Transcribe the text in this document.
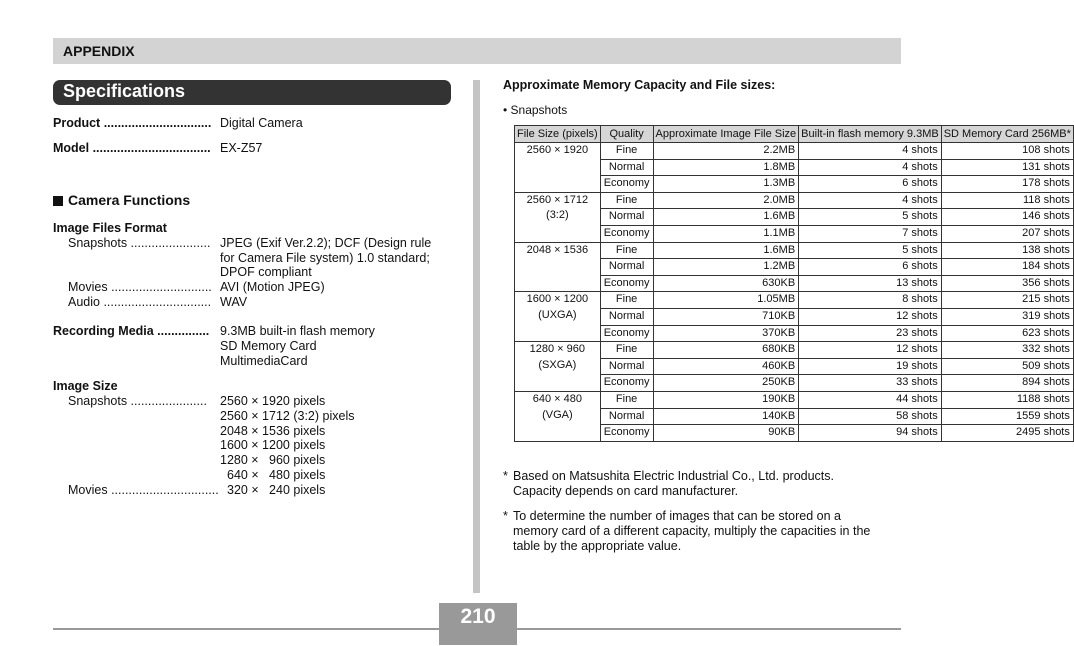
APPENDIX
Specifications
Product ............................... Digital Camera
Model .................................. EX-Z57
Camera Functions
Image Files Format
Snapshots ....................... JPEG (Exif Ver.2.2); DCF (Design rule
for Camera File system) 1.0 standard;
DPOF compliant
Movies ............................. AVI (Motion JPEG)
Audio ............................... WAV
Recording Media ............... 9.3MB built-in flash memory
SD Memory Card
MultimediaCard
Image Size
Snapshots ...................... 2560 × 1920 pixels
2560 × 1712 (3:2) pixels
2048 × 1536 pixels
1600 × 1200 pixels
1280 ×   960 pixels
640 ×   480 pixels
Movies ............................... 320 ×   240 pixels
Approximate Memory Capacity and File sizes:
• Snapshots
File Size (pixels)	Quality	Approximate Image File Size	Built-in flash memory 9.3MB	SD Memory Card 256MB*

2560 × 1920	Fine	2.2MB	4 shots	108 shots
	Normal	1.8MB	4 shots	131 shots
	Economy	1.3MB	6 shots	178 shots

2560 × 1712
(3:2)	Fine	2.0MB	4 shots	118 shots
	Normal	1.6MB	5 shots	146 shots
	Economy	1.1MB	7 shots	207 shots

2048 × 1536	Fine	1.6MB	5 shots	138 shots
	Normal	1.2MB	6 shots	184 shots
	Economy	630KB	13 shots	356 shots

1600 × 1200
(UXGA)	Fine	1.05MB	8 shots	215 shots
	Normal	710KB	12 shots	319 shots
	Economy	370KB	23 shots	623 shots

1280 × 960
(SXGA)	Fine	680KB	12 shots	332 shots
	Normal	460KB	19 shots	509 shots
	Economy	250KB	33 shots	894 shots

640 × 480
(VGA)	Fine	190KB	44 shots	1188 shots
	Normal	140KB	58 shots	1559 shots
	Economy	90KB	94 shots	2495 shots
* Based on Matsushita Electric Industrial Co., Ltd. products.
Capacity depends on card manufacturer.
* To determine the number of images that can be stored on a
memory card of a different capacity, multiply the capacities in the
table by the appropriate value.
210
